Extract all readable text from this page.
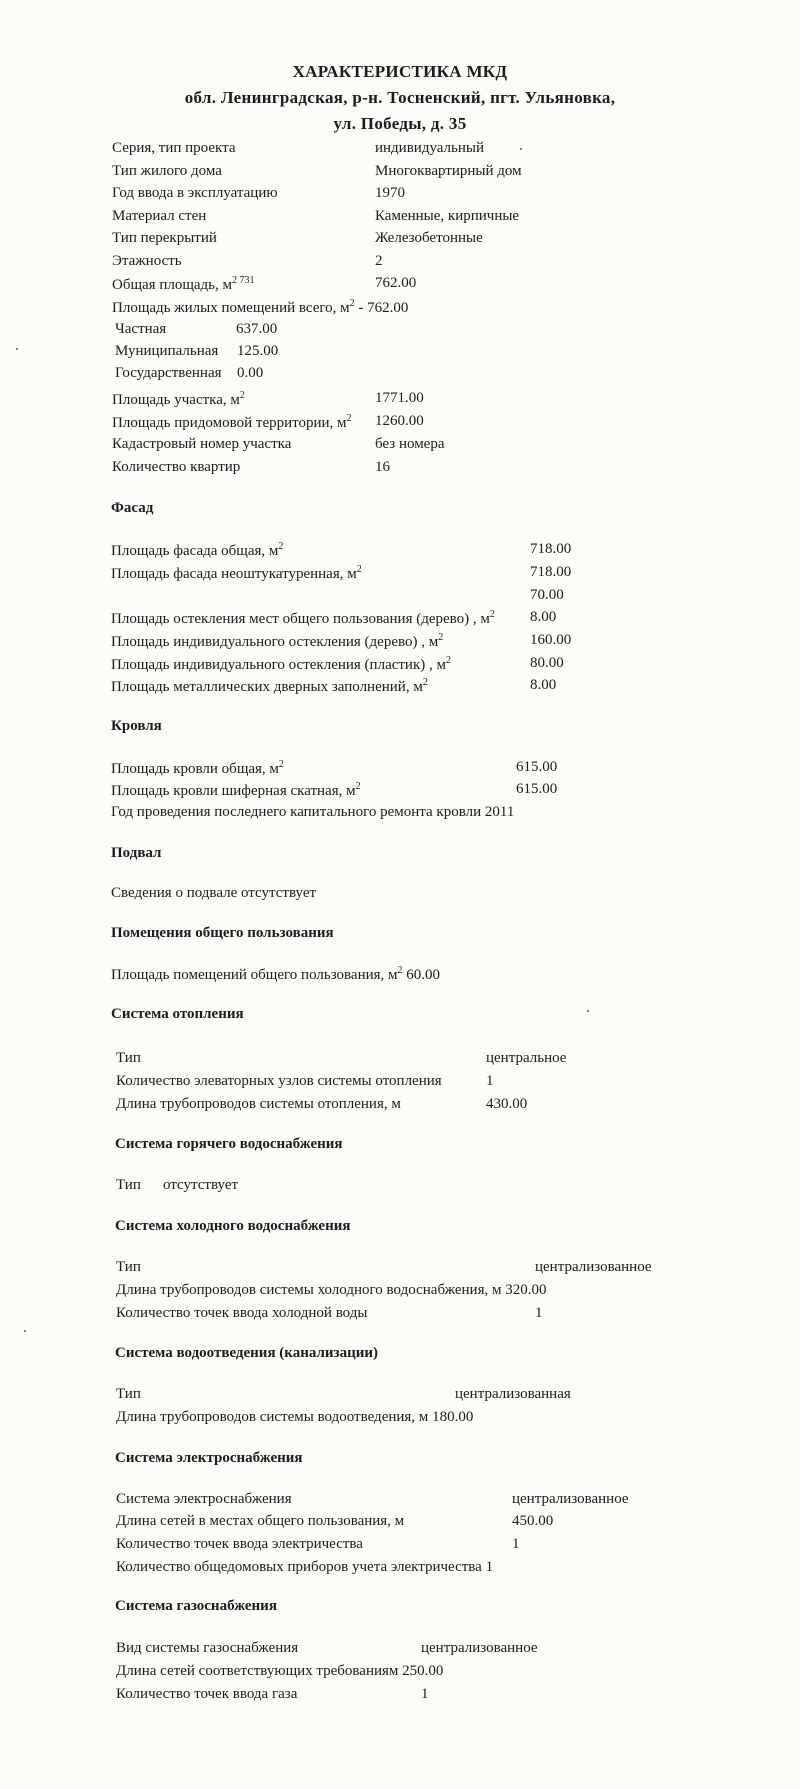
ХАРАКТЕРИСТИКА МКД
обл. Ленинградская, р-н. Тосненский, пгт. Ульяновка,
ул. Победы, д. 35
Серия, тип проекта	индивидуальный
Тип жилого дома	Многоквартирный дом
Год ввода в эксплуатацию	1970
Материал стен	Каменные, кирпичные
Тип перекрытий	Железобетонные
Этажность	2
Общая площадь, $м^{2 731}$	762.00
Площадь жилых помещений всего, $м^2 - 762.00$
Частная	637.00
Муниципальная 125.00
Государственная 0.00
Площадь участка, $м^2$	1771.00
Площадь придомовой территории, $м^2$ 1260.00
Кадастровый номер участка	без номера
Количество квартир	16
Фасад
Площадь фасада общая, $м^2$	718.00
Площадь фасада неоштукатуренная, $м^2$	718.00
70.00
Площадь остекления мест общего пользования (дерево) , $м^2$ 8.00
Площадь индивидуального остекления (дерево) , $м^2$	160.00
Площадь индивидуального остекления (пластик) , $м^2$	80.00
Площадь металлических дверных заполнений, $м^2$	8.00
Кровля
Площадь кровли общая, $м^2$	615.00
Площадь кровли шиферная скатная, $м^2$	615.00
Год проведения последнего капитального ремонта кровли 2011
Подвал
Сведения о подвале отсутствует
Помещения общего пользования
Площадь помещений общего пользования, $м^2$ 60.00
Система отопления
Тип	центральное
Количество элеваторных узлов системы отопления	1
Длина трубопроводов системы отопления, м	430.00
Система горячего водоснабжения
Тип отсутствует
Система холодного водоснабжения
Тип	централизованное
Длина трубопроводов системы холодного водоснабжения, м 320.00
Количество точек ввода холодной воды	1
Система водоотведения (канализации)
Тип	централизованная
Длина трубопроводов системы водоотведения, м 180.00
Система электроснабжения
Система электроснабжения	централизованное
Длина сетей в местах общего пользования, м	450.00
Количество точек ввода электричества	1
Количество общедомовых приборов учета электричества 1
Система газоснабжения
Вид системы газоснабжения	централизованное
Длина сетей соответствующих требованиям 250.00
Количество точек ввода газа	1
